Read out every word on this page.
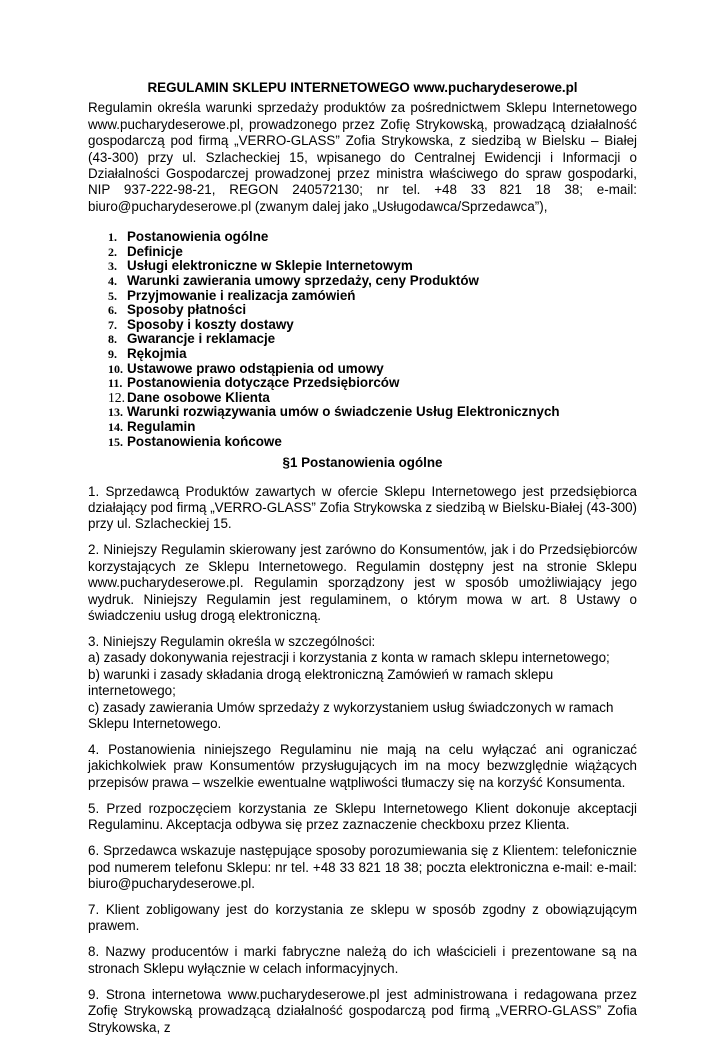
REGULAMIN SKLEPU INTERNETOWEGO www.pucharydeserowe.pl

Regulamin określa warunki sprzedaży produktów za pośrednictwem Sklepu Internetowego www.pucharydeserowe.pl, prowadzonego przez Zofię Strykowską, prowadzącą działalność gospodarczą pod firmą „VERRO-GLASS” Zofia Strykowska, z siedzibą w Bielsku – Białej (43-300) przy ul. Szlacheckiej 15, wpisanego do Centralnej Ewidencji i Informacji o Działalności Gospodarczej prowadzonej przez ministra właściwego do spraw gospodarki, NIP 937-222-98-21, REGON 240572130; nr tel. +48 33 821 18 38; e-mail: biuro@pucharydeserowe.pl (zwanym dalej jako „Usługodawca/Sprzedawca”),

1. Postanowienia ogólne
2. Definicje
3. Usługi elektroniczne w Sklepie Internetowym
4. Warunki zawierania umowy sprzedaży, ceny Produktów
5. Przyjmowanie i realizacja zamówień
6. Sposoby płatności
7. Sposoby i koszty dostawy
8. Gwarancje i reklamacje
9. Rękojmia
10. Ustawowe prawo odstąpienia od umowy
11. Postanowienia dotyczące Przedsiębiorców
12. Dane osobowe Klienta
13. Warunki rozwiązywania umów o świadczenie Usług Elektronicznych
14. Regulamin
15. Postanowienia końcowe

§1 Postanowienia ogólne

1. Sprzedawcą Produktów zawartych w ofercie Sklepu Internetowego jest przedsiębiorca działający pod firmą „VERRO-GLASS” Zofia Strykowska z siedzibą w Bielsku-Białej (43-300) przy ul. Szlacheckiej 15.

2. Niniejszy Regulamin skierowany jest zarówno do Konsumentów, jak i do Przedsiębiorców korzystających ze Sklepu Internetowego. Regulamin dostępny jest na stronie Sklepu www.pucharydeserowe.pl. Regulamin sporządzony jest w sposób umożliwiający jego wydruk. Niniejszy Regulamin jest regulaminem, o którym mowa w art. 8 Ustawy o świadczeniu usług drogą elektroniczną.

3. Niniejszy Regulamin określa w szczególności:
a) zasady dokonywania rejestracji i korzystania z konta w ramach sklepu internetowego;
b) warunki i zasady składania drogą elektroniczną Zamówień w ramach sklepu internetowego;
c) zasady zawierania Umów sprzedaży z wykorzystaniem usług świadczonych w ramach Sklepu Internetowego.

4. Postanowienia niniejszego Regulaminu nie mają na celu wyłączać ani ograniczać jakichkolwiek praw Konsumentów przysługujących im na mocy bezwzględnie wiążących przepisów prawa – wszelkie ewentualne wątpliwości tłumaczy się na korzyść Konsumenta.

5. Przed rozpoczęciem korzystania ze Sklepu Internetowego Klient dokonuje akceptacji Regulaminu. Akceptacja odbywa się przez zaznaczenie checkboxu przez Klienta.

6. Sprzedawca wskazuje następujące sposoby porozumiewania się z Klientem: telefonicznie pod numerem telefonu Sklepu: nr tel. +48 33 821 18 38; poczta elektroniczna e-mail: e-mail: biuro@pucharydeserowe.pl.

7. Klient zobligowany jest do korzystania ze sklepu w sposób zgodny z obowiązującym prawem.

8. Nazwy producentów i marki fabryczne należą do ich właścicieli i prezentowane są na stronach Sklepu wyłącznie w celach informacyjnych.

9. Strona internetowa www.pucharydeserowe.pl jest administrowana i redagowana przez Zofię Strykowską prowadzącą działalność gospodarczą pod firmą „VERRO-GLASS” Zofia Strykowska, z
